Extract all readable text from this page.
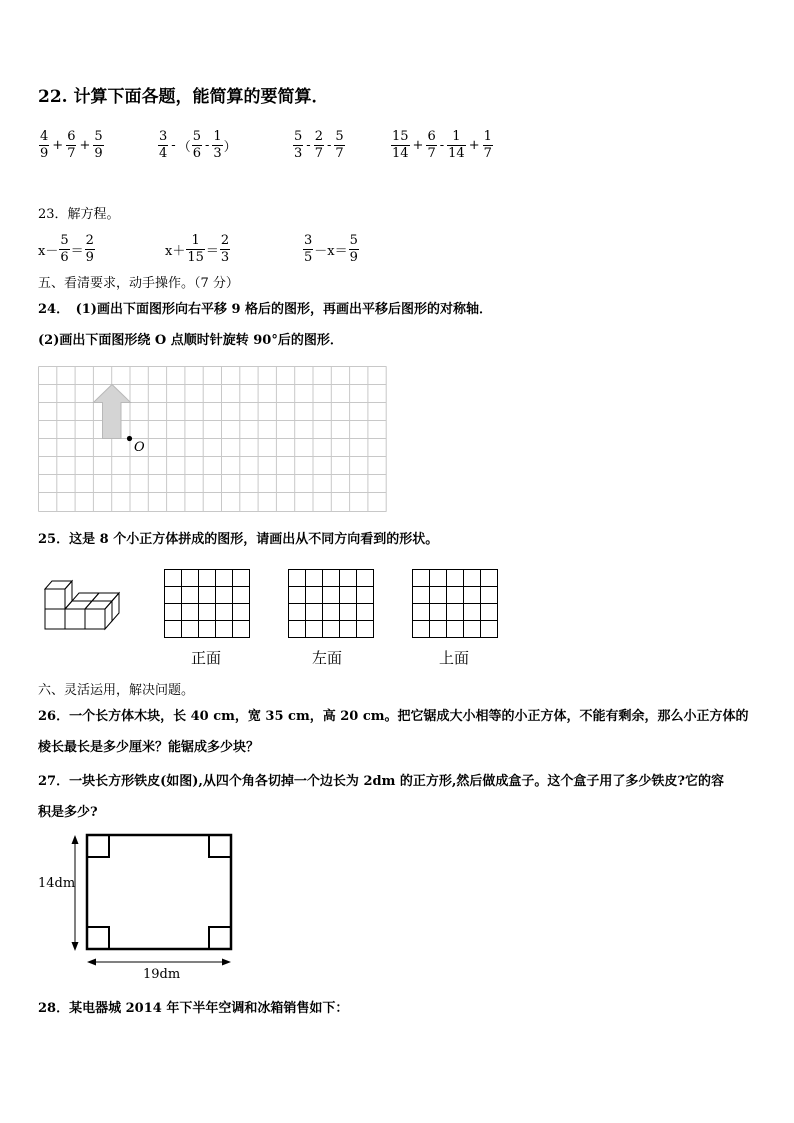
22. 计算下面各题，能简算的要简算．
$\frac{4}{9} + \frac{6}{7} + \frac{5}{9}$	$\frac{3}{4}$ - （ $\frac{5}{6} - \frac{1}{3}$ ）	$\frac{5}{3} - \frac{2}{7} - \frac{5}{7}$	$\frac{15}{14} + \frac{6}{7} - \frac{1}{14} + \frac{1}{7}$
23．解方程。
$x- \frac{5}{6} = \frac{2}{9}$	$x+ \frac{1}{15} = \frac{2}{3}$	$\frac{3}{5} -x= \frac{5}{9}$
五、看清要求，动手操作。（7 分）
24．　(1)画出下面图形向右平移 9 格后的图形，再画出平移后图形的对称轴．
(2)画出下面图形绕 O 点顺时针旋转 90°后的图形．
O
25．这是 8 个小正方体拼成的图形，请画出从不同方向看到的形状。
正面	左面	上面
六、灵活运用，解决问题。
26．一个长方体木块，长 40 cm，宽 35 cm，高 20 cm。把它锯成大小相等的小正方体，不能有剩余，那么小正方体的
棱长最长是多少厘米？能锯成多少块？
27．一块长方形铁皮(如图),从四个角各切掉一个边长为 2dm 的正方形,然后做成盒子。这个盒子用了多少铁皮?它的容
积是多少?
14dm
19dm
28．某电器城 2014 年下半年空调和冰箱销售如下：
